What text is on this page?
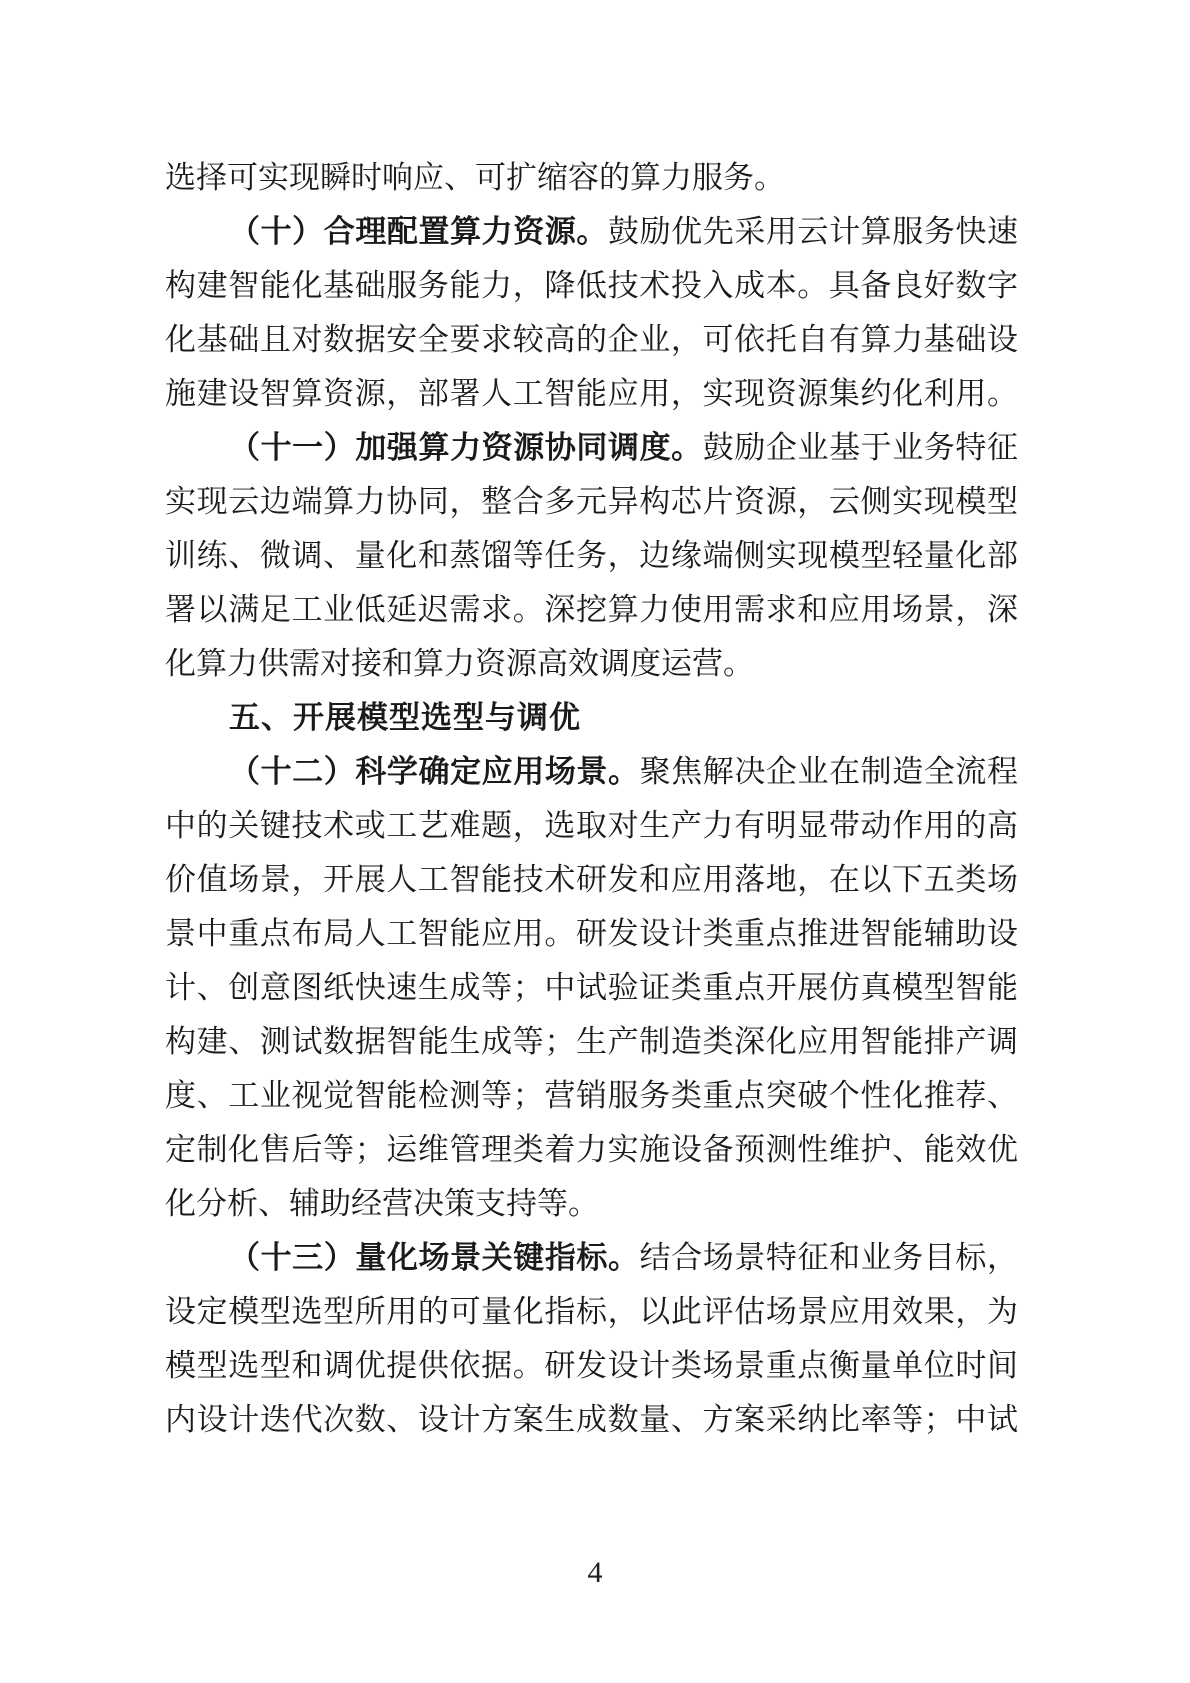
选择可实现瞬时响应、可扩缩容的算力服务。
（十）合理配置算力资源。鼓励优先采用云计算服务快速
构建智能化基础服务能力，降低技术投入成本。具备良好数字
化基础且对数据安全要求较高的企业，可依托自有算力基础设
施建设智算资源，部署人工智能应用，实现资源集约化利用。
（十一）加强算力资源协同调度。鼓励企业基于业务特征
实现云边端算力协同，整合多元异构芯片资源，云侧实现模型
训练、微调、量化和蒸馏等任务，边缘端侧实现模型轻量化部
署以满足工业低延迟需求。深挖算力使用需求和应用场景，深
化算力供需对接和算力资源高效调度运营。
五、开展模型选型与调优
（十二）科学确定应用场景。聚焦解决企业在制造全流程
中的关键技术或工艺难题，选取对生产力有明显带动作用的高
价值场景，开展人工智能技术研发和应用落地，在以下五类场
景中重点布局人工智能应用。研发设计类重点推进智能辅助设
计、创意图纸快速生成等；中试验证类重点开展仿真模型智能
构建、测试数据智能生成等；生产制造类深化应用智能排产调
度、工业视觉智能检测等；营销服务类重点突破个性化推荐、
定制化售后等；运维管理类着力实施设备预测性维护、能效优
化分析、辅助经营决策支持等。
（十三）量化场景关键指标。结合场景特征和业务目标，
设定模型选型所用的可量化指标，以此评估场景应用效果，为
模型选型和调优提供依据。研发设计类场景重点衡量单位时间
内设计迭代次数、设计方案生成数量、方案采纳比率等；中试
4
